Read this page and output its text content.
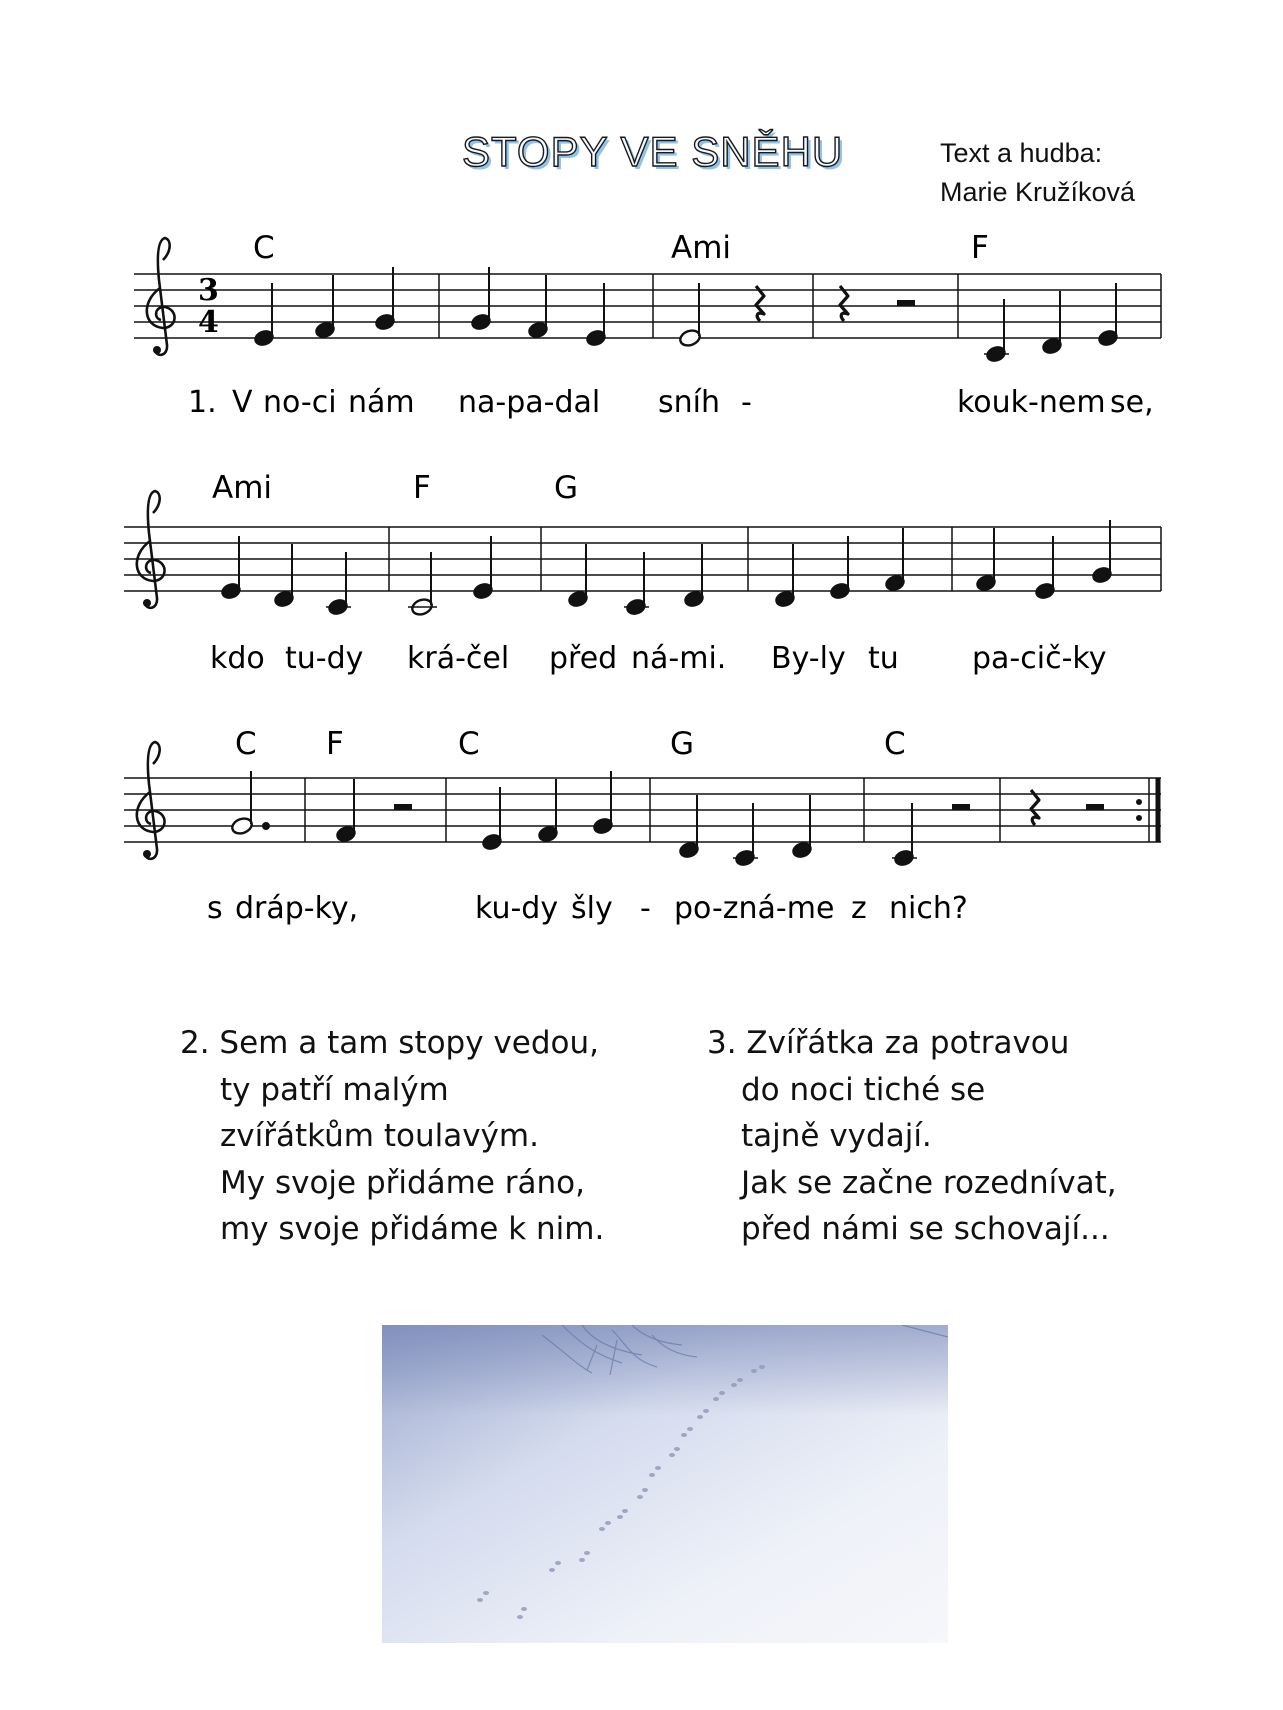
STOPY VE SNĚHU	Text a hudba:
Marie Kružíková
3
4
C	Ami	F
1. V no-ci nám na-pa-dal sníh -	kouk-nem se,
Ami	F	G
kdo tu-dy krá-čel před ná-mi. By-ly tu pa-cič-ky
C F	C	G	C
s dráp-ky,	ku-dy šly - po-zná-me z nich?
2. Sem a tam stopy vedou,
ty patří malým
zvířátkům toulavým.
My svoje přidáme ráno,
my svoje přidáme k nim.
3. Zvířátka za potravou
do noci tiché se
tajně vydají.
Jak se začne rozednívat,
před námi se schovají...
